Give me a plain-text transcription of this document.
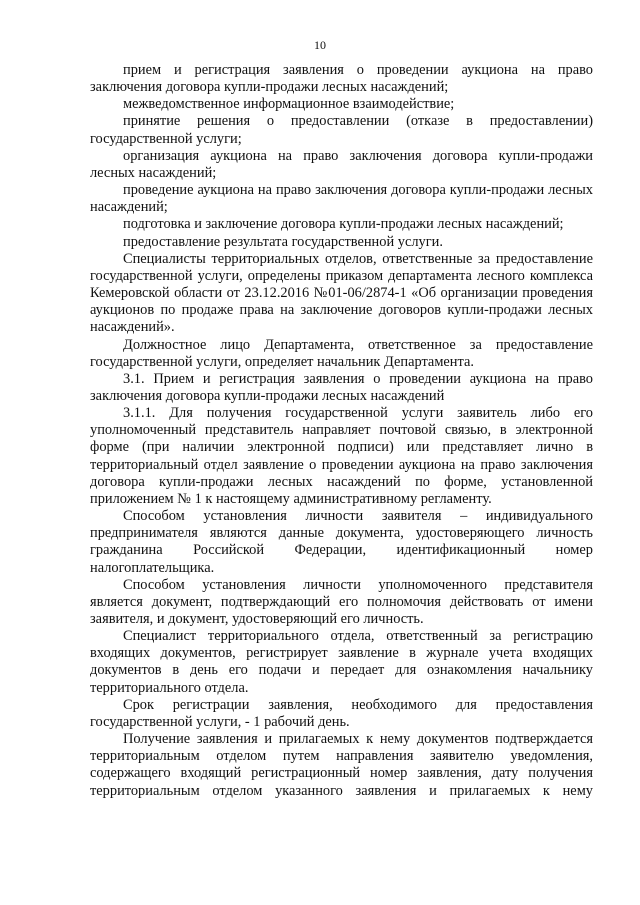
10

прием и регистрация заявления о проведении аукциона на право заключения договора купли-продажи лесных насаждений;

межведомственное информационное взаимодействие;

принятие решения о предоставлении (отказе в предоставлении) государственной услуги;

организация аукциона на право заключения договора купли-продажи лесных насаждений;

проведение аукциона на право заключения договора купли-продажи лесных насаждений;

подготовка и заключение договора купли-продажи лесных насаждений;

предоставление результата государственной услуги.

Специалисты территориальных отделов, ответственные за предоставление государственной услуги, определены приказом департамента лесного комплекса Кемеровской области от 23.12.2016 №01-06/2874-1 «Об организации проведения аукционов по продаже права на заключение договоров купли-продажи лесных насаждений».

Должностное лицо Департамента, ответственное за предоставление государственной услуги, определяет начальник Департамента.

3.1. Прием и регистрация заявления о проведении аукциона на право заключения договора купли-продажи лесных насаждений

3.1.1. Для получения государственной услуги заявитель либо его уполномоченный представитель направляет почтовой связью, в электронной форме (при наличии электронной подписи) или представляет лично в территориальный отдел заявление о проведении аукциона на право заключения договора купли-продажи лесных насаждений по форме, установленной приложением № 1 к настоящему административному регламенту.

Способом установления личности заявителя – индивидуального предпринимателя являются данные документа, удостоверяющего личность гражданина Российской Федерации, идентификационный номер налогоплательщика.

Способом установления личности уполномоченного представителя является документ, подтверждающий его полномочия действовать от имени заявителя, и документ, удостоверяющий его личность.

Специалист территориального отдела, ответственный за регистрацию входящих документов, регистрирует заявление в журнале учета входящих документов в день его подачи и передает для ознакомления начальнику территориального отдела.

Срок регистрации заявления, необходимого для предоставления государственной услуги, - 1 рабочий день.

Получение заявления и прилагаемых к нему документов подтверждается территориальным отделом путем направления заявителю уведомления, содержащего входящий регистрационный номер заявления, дату получения территориальным отделом указанного заявления и прилагаемых к нему
